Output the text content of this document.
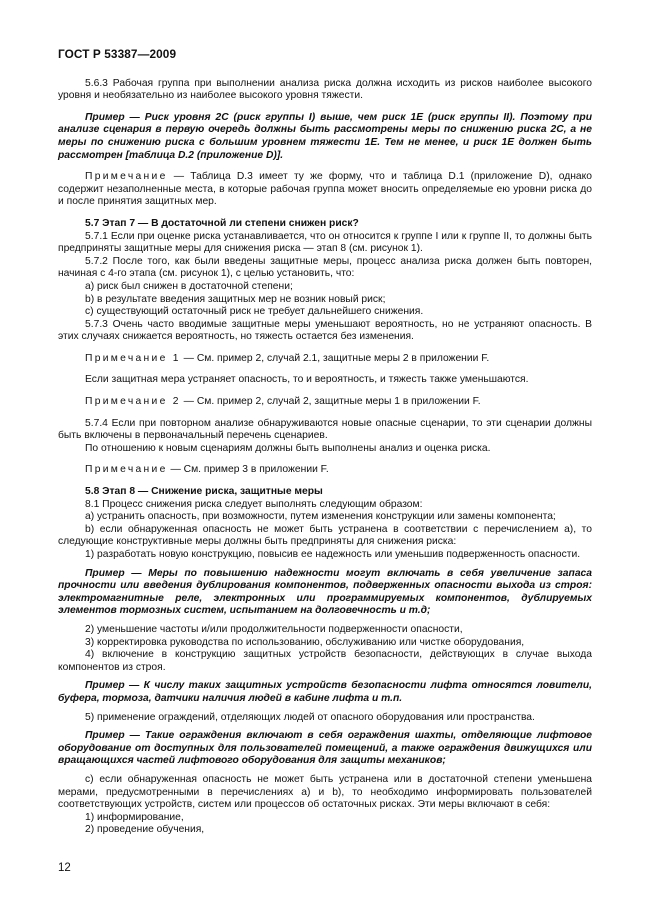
ГОСТ Р 53387—2009

5.6.3 Рабочая группа при выполнении анализа риска должна исходить из рисков наиболее высокого уровня и необязательно из наиболее высокого уровня тяжести.

Пример — Риск уровня 2С (риск группы I) выше, чем риск 1Е (риск группы II). Поэтому при анализе сценария в первую очередь должны быть рассмотрены меры по снижению риска 2С, а не меры по снижению риска с большим уровнем тяжести 1Е. Тем не менее, и риск 1Е должен быть рассмотрен [таблица D.2 (приложение D)].

Примечание — Таблица D.3 имеет ту же форму, что и таблица D.1 (приложение D), однако содержит незаполненные места, в которые рабочая группа может вносить определяемые ею уровни риска до и после принятия защитных мер.

5.7 Этап 7 — В достаточной ли степени снижен риск?

5.7.1 Если при оценке риска устанавливается, что он относится к группе I или к группе II, то должны быть предприняты защитные меры для снижения риска — этап 8 (см. рисунок 1).

5.7.2 После того, как были введены защитные меры, процесс анализа риска должен быть повторен, начиная с 4-го этапа (см. рисунок 1), с целью установить, что:

a) риск был снижен в достаточной степени;

b) в результате введения защитных мер не возник новый риск;

c) существующий остаточный риск не требует дальнейшего снижения.

5.7.3 Очень часто вводимые защитные меры уменьшают вероятность, но не устраняют опасность. В этих случаях снижается вероятность, но тяжесть остается без изменения.

Примечание 1 — См. пример 2, случай 2.1, защитные меры 2 в приложении F.

Если защитная мера устраняет опасность, то и вероятность, и тяжесть также уменьшаются.

Примечание 2 — См. пример 2, случай 2, защитные меры 1 в приложении F.

5.7.4 Если при повторном анализе обнаруживаются новые опасные сценарии, то эти сценарии должны быть включены в первоначальный перечень сценариев.

По отношению к новым сценариям должны быть выполнены анализ и оценка риска.

Примечание — См. пример 3 в приложении F.

5.8 Этап 8 — Снижение риска, защитные меры

8.1 Процесс снижения риска следует выполнять следующим образом:

а) устранить опасность, при возможности, путем изменения конструкции или замены компонента;

b) если обнаруженная опасность не может быть устранена в соответствии с перечислением а), то следующие конструктивные меры должны быть предприняты для снижения риска:

1) разработать новую конструкцию, повысив ее надежность или уменьшив подверженность опасности.

Пример — Меры по повышению надежности могут включать в себя увеличение запаса прочности или введения дублирования компонентов, подверженных опасности выхода из строя: электромагнитные реле, электронных или программируемых компонентов, дублируемых элементов тормозных систем, испытанием на долговечность и т.д;

2) уменьшение частоты и/или продолжительности подверженности опасности,

3) корректировка руководства по использованию, обслуживанию или чистке оборудования,

4) включение в конструкцию защитных устройств безопасности, действующих в случае выхода компонентов из строя.

Пример — К числу таких защитных устройств безопасности лифта относятся ловители, буфера, тормоза, датчики наличия людей в кабине лифта и т.п.

5) применение ограждений, отделяющих людей от опасного оборудования или пространства.

Пример — Такие ограждения включают в себя ограждения шахты, отделяющие лифтовое оборудование от доступных для пользователей помещений, а также ограждения движущихся или вращающихся частей лифтового оборудования для защиты механиков;

c) если обнаруженная опасность не может быть устранена или в достаточной степени уменьшена мерами, предусмотренными в перечислениях а) и b), то необходимо информировать пользователей соответствующих устройств, систем или процессов об остаточных рисках. Эти меры включают в себя:

1) информирование,

2) проведение обучения,

12
